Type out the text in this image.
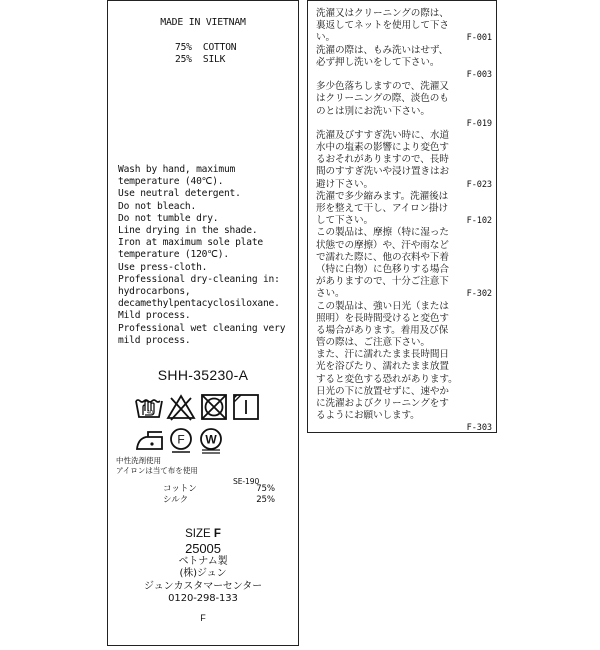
MADE IN VIETNAM
75% COTTON
25% SILK
Wash by hand, maximum
temperature (40℃).
Use neutral detergent.
Do not bleach.
Do not tumble dry.
Line drying in the shade.
Iron at maximum sole plate
temperature (120℃).
Use press-cloth.
Professional dry-cleaning in:
hydrocarbons,
decamethylpentacyclosiloxane.
Mild process.
Professional wet cleaning very
mild process.
SHH-35230-A
40
F W
中性洗剤使用
アイロンは当て布を使用
SE-190
コットン	75%
シルク	25%
SIZE F
25005
ベトナム製
(株)ジュン
ジュンカスタマーセンター
0120-298-133
F
洗濯又はクリーニングの際は、
裏返してネットを使用して下さ
い。	F-001
洗濯の際は、もみ洗いはせず、
必ず押し洗いをして下さい。
F-003
多少色落ちしますので、洗濯又
はクリーニングの際、淡色のも
のとは別にお洗い下さい。
F-019
洗濯及びすすぎ洗い時に、水道
水中の塩素の影響により変色す
るおそれがありますので、長時
間のすすぎ洗いや浸け置きはお
避け下さい。	F-023
洗濯で多少縮みます。洗濯後は
形を整えて干し、アイロン掛け
して下さい。	F-102
この製品は、摩擦（特に湿った
状態での摩擦）や、汗や雨など
で濡れた際に、他の衣料や下着
（特に白物）に色移りする場合
がありますので、十分ご注意下
さい。	F-302
この製品は、強い日光（または
照明）を長時間受けると変色す
る場合があります。着用及び保
管の際は、ご注意下さい。
また、汗に濡れたまま長時間日
光を浴びたり、濡れたまま放置
すると変色する恐れがあります。
日光の下に放置せずに、速やか
に洗濯およびクリーニングをす
るようにお願いします。
F-303
